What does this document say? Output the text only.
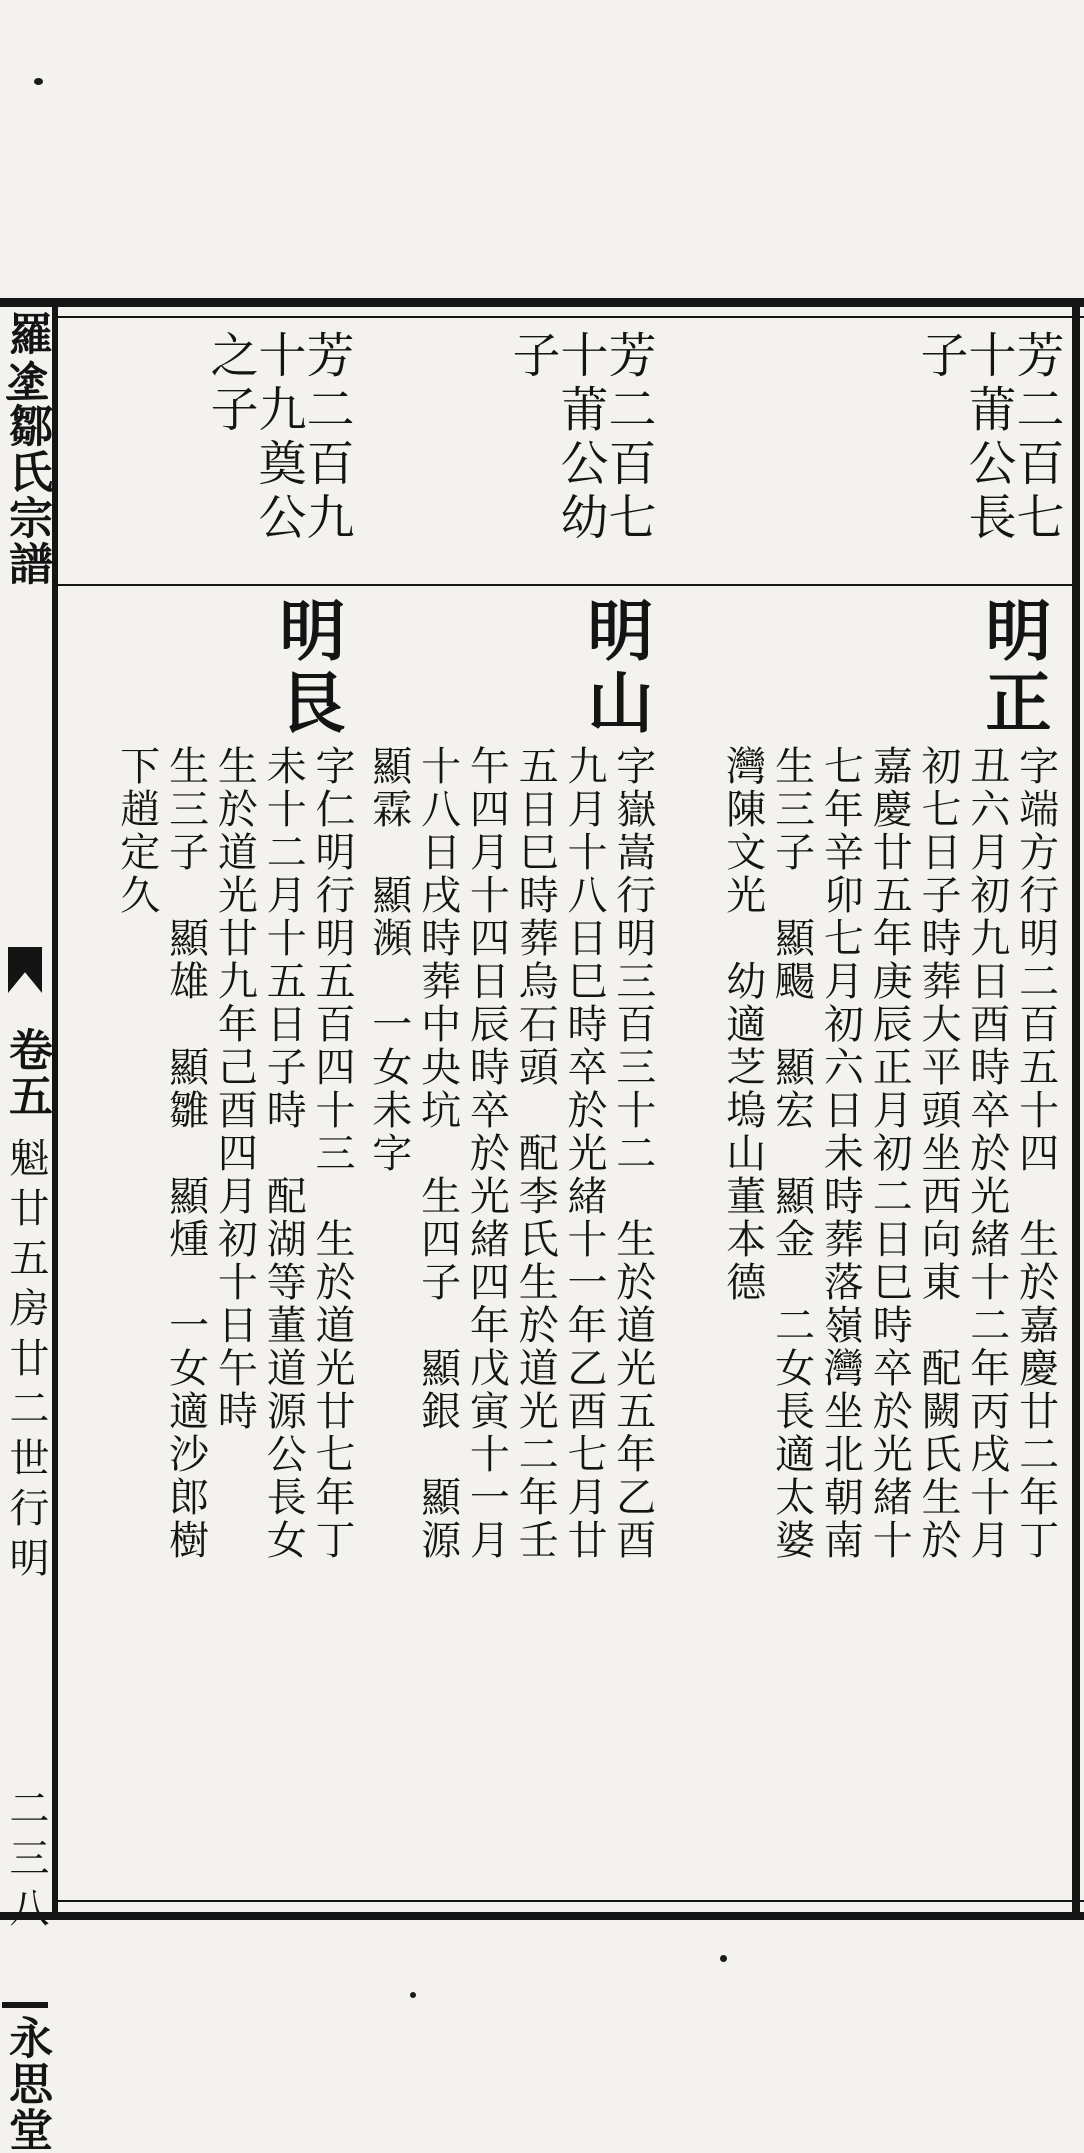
羅𡍼鄒氏宗譜
卷五
魁廿五房廿二世行明
二三八
永思堂
芳二百七
十莆公長
子
芳二百七
十莆公幼
子
芳二百九
十九奠公
之子
明正
明山
明艮
字端方行明二百五十四　生於嘉慶廿二年丁
丑六月初九日酉時卒於光緒十二年丙戌十月
初七日子時葬大平頭坐西向東　配闕氏生於
嘉慶廿五年庚辰正月初二日巳時卒於光緒十
七年辛卯七月初六日未時葬落嶺灣坐北朝南
生三子　顯颺　顯宏　顯金　二女長適太婆
灣陳文光　幼適芝塢山董本德
字嶽嵩行明三百三十二　生於道光五年乙酉
九月十八日巳時卒於光緒十一年乙酉七月廿
五日巳時葬烏石頭　配李氏生於道光二年壬
午四月十四日辰時卒於光緒四年戊寅十一月
十八日戌時葬中央坑　生四子　顯銀　顯源
顯霖　顯瀕　一女未字
字仁明行明五百四十三　生於道光廿七年丁
未十二月十五日子時　配湖等董道源公長女
生於道光廿九年己酉四月初十日午時
生三子　顯雄　顯雛　顯煄　一女適沙郎樹
下趙定久
